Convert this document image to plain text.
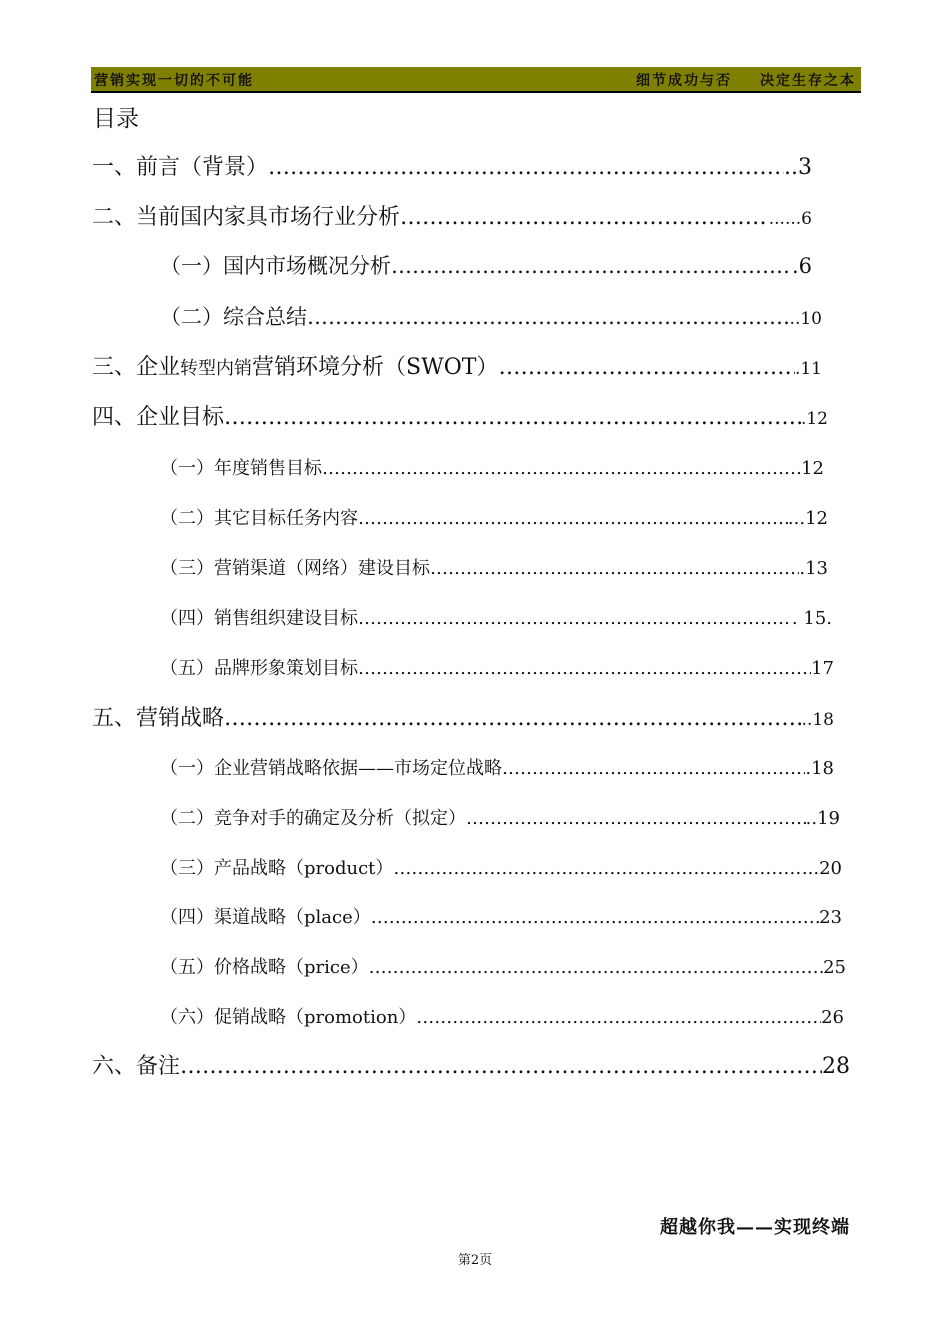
营销实现一切的不可能	细节成功与否 决定生存之本
目录
一、 前言（背景） ……………………………………………………………………………………………………………………………………………………	..3
二、 当前国内家具市场行业分析 ……………………………………………………………………………………………………………………………………………………	......6
（一）国内市场概况分析 ……………………………………………………………………………………………………………………………………………………	.6
（二）综合总结 ……………………………………………………………………………………………………………………………………………………	..10
三、 企业转型内销营销环境分析（SWOT） ……………………………………………………………………………………………………………………………………………………	.11
四、 企业目标 ……………………………………………………………………………………………………………………………………………………	.12
（一）年度销售目标 ……………………………………………………………………………………………………………………………………………………	12
（二）其它目标任务内容 ……………………………………………………………………………………………………………………………………………………	...12
（三）营销渠道（网络）建设目标 ……………………………………………………………………………………………………………………………………………………	.13
（四）销售组织建设目标 ……………………………………………………………………………………………………………………………………………………	. 15.
（五）品牌形象策划目标 ……………………………………………………………………………………………………………………………………………………	17
五、 营销战略 ……………………………………………………………………………………………………………………………………………………	..18
（一）企业营销战略依据——市场定位战略 ……………………………………………………………………………………………………………………………………………………	.18
（二）竞争对手的确定及分析（拟定） ……………………………………………………………………………………………………………………………………………………	..19
（三）产品战略（product） ……………………………………………………………………………………………………………………………………………………	...20
（四）渠道战略（place） ……………………………………………………………………………………………………………………………………………………	23
（五）价格战略（price） ……………………………………………………………………………………………………………………………………………………	25
（六）促销战略（promotion） ……………………………………………………………………………………………………………………………………………………	26
六、 备注 ……………………………………………………………………………………………………………………………………………………	28
超越你我——实现终端
第2页
